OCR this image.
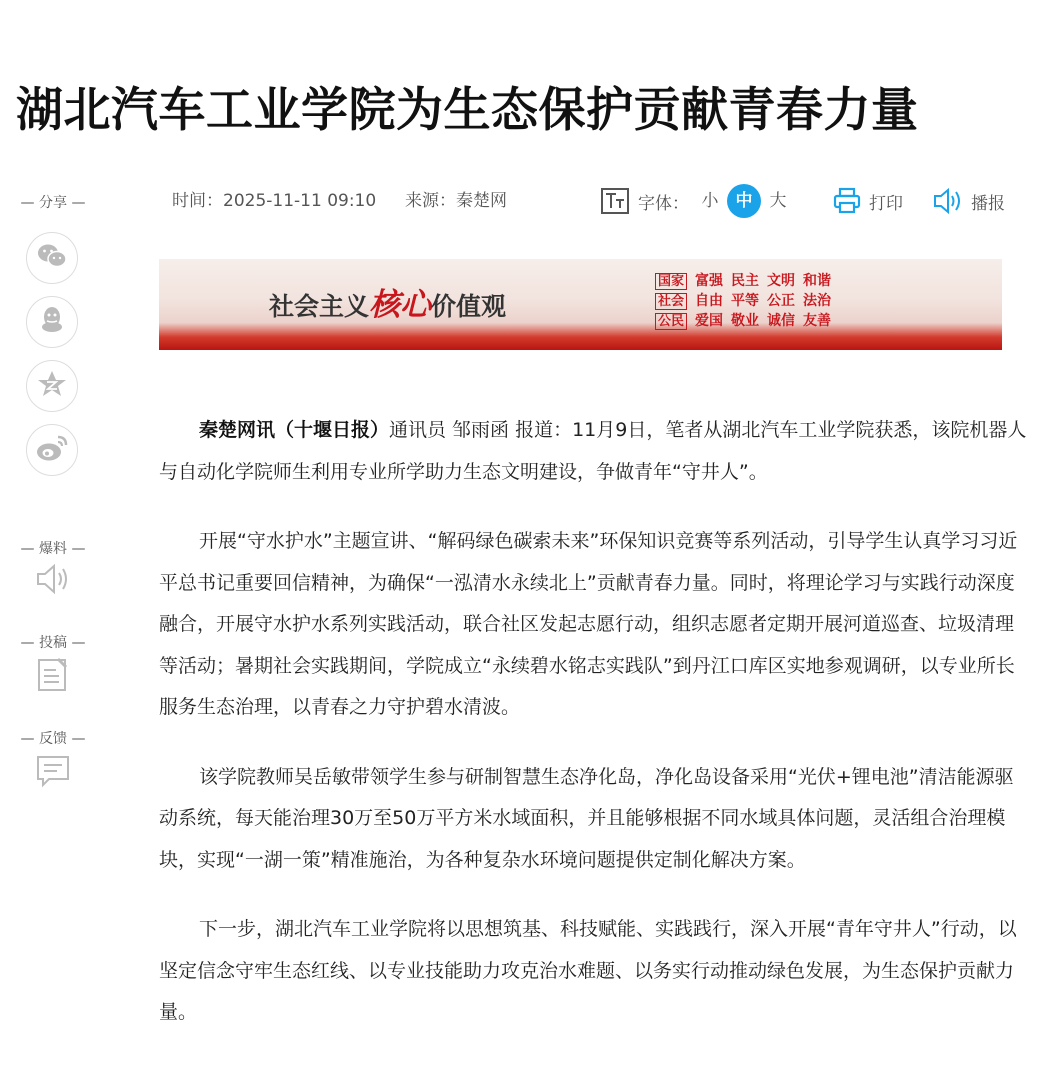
湖北汽车工业学院为生态保护贡献青春力量
— 分享 —
— 爆料 —
— 投稿 —
— 反馈 —
时间：2025-11-11 09:10 来源：秦楚网	字体： 小	中	大	打印	播报
社会主义核心价值观
国家 富强 民主 文明 和谐
社会 自由 平等 公正 法治
公民 爱国 敬业 诚信 友善

秦楚网讯（十堰日报）通讯员 邹雨函 报道：11月9日，笔者从湖北汽车工业学院获悉，该院机器人与自动化学院师生利用专业所学助力生态文明建设，争做青年“守井人”。

开展“守水护水”主题宣讲、“解码绿色碳索未来”环保知识竞赛等系列活动，引导学生认真学习习近平总书记重要回信精神，为确保“一泓清水永续北上”贡献青春力量。同时，将理论学习与实践行动深度融合，开展守水护水系列实践活动，联合社区发起志愿行动，组织志愿者定期开展河道巡查、垃圾清理等活动；暑期社会实践期间，学院成立“永续碧水铭志实践队”到丹江口库区实地参观调研，以专业所长服务生态治理，以青春之力守护碧水清波。

该学院教师吴岳敏带领学生参与研制智慧生态净化岛，净化岛设备采用“光伏+锂电池”清洁能源驱动系统，每天能治理30万至50万平方米水域面积，并且能够根据不同水域具体问题，灵活组合治理模块，实现“一湖一策”精准施治，为各种复杂水环境问题提供定制化解决方案。

下一步，湖北汽车工业学院将以思想筑基、科技赋能、实践践行，深入开展“青年守井人”行动，以坚定信念守牢生态红线、以专业技能助力攻克治水难题、以务实行动推动绿色发展，为生态保护贡献力量。
